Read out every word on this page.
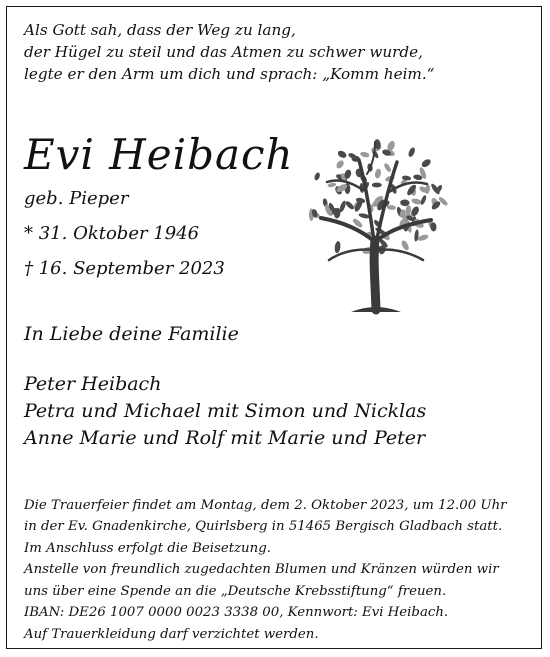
Als Gott sah, dass der Weg zu lang,

der Hügel zu steil und das Atmen zu schwer wurde,

legte er den Arm um dich und sprach: „Komm heim.“

Evi Heibach

geb. Pieper

* 31. Oktober 1946

† 16. September 2023

In Liebe deine Familie

Peter Heibach

Petra und Michael mit Simon und Nicklas

Anne Marie und Rolf mit Marie und Peter

Die Trauerfeier findet am Montag, dem 2. Oktober 2023, um 12.00 Uhr

in der Ev. Gnadenkirche, Quirlsberg in 51465 Bergisch Gladbach statt.

Im Anschluss erfolgt die Beisetzung.

Anstelle von freundlich zugedachten Blumen und Kränzen würden wir

uns über eine Spende an die „Deutsche Krebsstiftung“ freuen.

IBAN: DE26 1007 0000 0023 3338 00, Kennwort: Evi Heibach.

Auf Trauerkleidung darf verzichtet werden.
